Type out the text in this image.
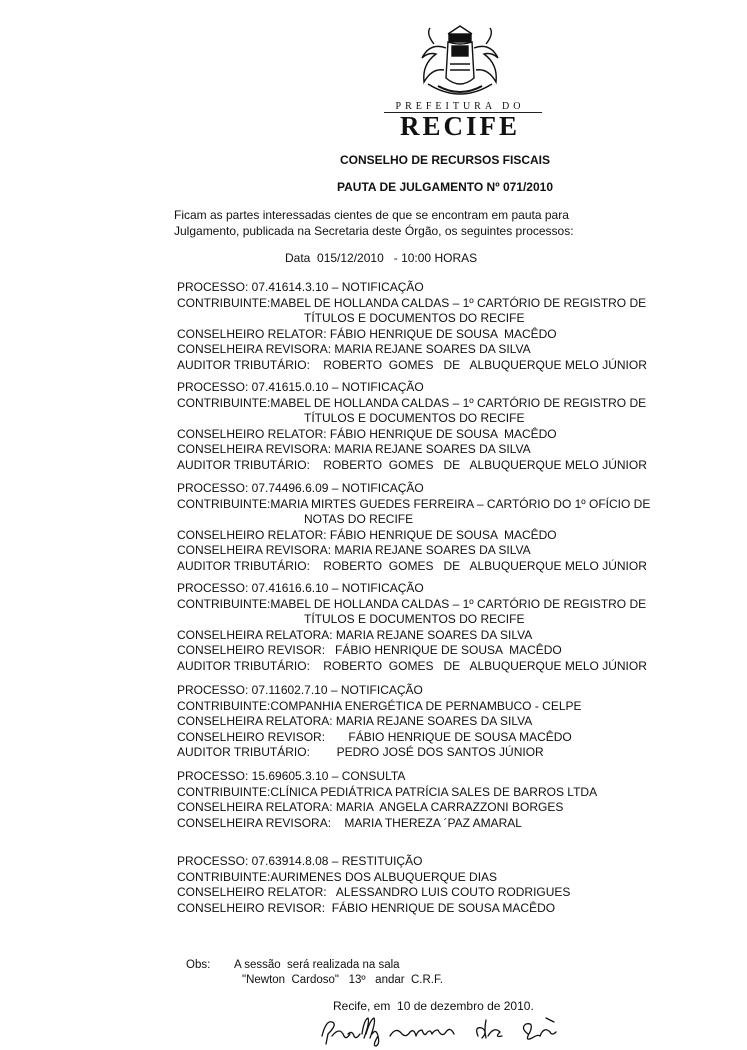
PREFEITURA DO
RECIFE
CONSELHO DE RECURSOS FISCAIS
PAUTA DE JULGAMENTO Nº 071/2010
Ficam as partes interessadas cientes de que se encontram em pauta para
Julgamento, publicada na Secretaria deste Órgão, os seguintes processos:
Data  015/12/2010   - 10:00 HORAS
PROCESSO: 07.41614.3.10 – NOTIFICAÇÃO
CONTRIBUINTE:MABEL DE HOLLANDA CALDAS – 1º CARTÓRIO DE REGISTRO DE
TÍTULOS E DOCUMENTOS DO RECIFE
CONSELHEIRO RELATOR: FÁBIO HENRIQUE DE SOUSA  MACÊDO
CONSELHEIRA REVISORA: MARIA REJANE SOARES DA SILVA
AUDITOR TRIBUTÁRIO:    ROBERTO  GOMES   DE   ALBUQUERQUE MELO JÚNIOR
PROCESSO: 07.41615.0.10 – NOTIFICAÇÃO
CONTRIBUINTE:MABEL DE HOLLANDA CALDAS – 1º CARTÓRIO DE REGISTRO DE
TÍTULOS E DOCUMENTOS DO RECIFE
CONSELHEIRO RELATOR: FÁBIO HENRIQUE DE SOUSA  MACÊDO
CONSELHEIRA REVISORA: MARIA REJANE SOARES DA SILVA
AUDITOR TRIBUTÁRIO:    ROBERTO  GOMES   DE   ALBUQUERQUE MELO JÚNIOR
PROCESSO: 07.74496.6.09 – NOTIFICAÇÃO
CONTRIBUINTE:MARIA MIRTES GUEDES FERREIRA – CARTÓRIO DO 1º OFÍCIO DE
NOTAS DO RECIFE
CONSELHEIRO RELATOR: FÁBIO HENRIQUE DE SOUSA  MACÊDO
CONSELHEIRA REVISORA: MARIA REJANE SOARES DA SILVA
AUDITOR TRIBUTÁRIO:    ROBERTO  GOMES   DE   ALBUQUERQUE MELO JÚNIOR
PROCESSO: 07.41616.6.10 – NOTIFICAÇÃO
CONTRIBUINTE:MABEL DE HOLLANDA CALDAS – 1º CARTÓRIO DE REGISTRO DE
TÍTULOS E DOCUMENTOS DO RECIFE
CONSELHEIRA RELATORA: MARIA REJANE SOARES DA SILVA
CONSELHEIRO REVISOR:   FÁBIO HENRIQUE DE SOUSA  MACÊDO
AUDITOR TRIBUTÁRIO:    ROBERTO  GOMES   DE   ALBUQUERQUE MELO JÚNIOR
PROCESSO: 07.11602.7.10 – NOTIFICAÇÃO
CONTRIBUINTE:COMPANHIA ENERGÉTICA DE PERNAMBUCO - CELPE
CONSELHEIRA RELATORA: MARIA REJANE SOARES DA SILVA
CONSELHEIRO REVISOR:       FÁBIO HENRIQUE DE SOUSA MACÊDO
AUDITOR TRIBUTÁRIO:        PEDRO JOSÉ DOS SANTOS JÚNIOR
PROCESSO: 15.69605.3.10 – CONSULTA
CONTRIBUINTE:CLÍNICA PEDIÁTRICA PATRÍCIA SALES DE BARROS LTDA
CONSELHEIRA RELATORA: MARIA  ANGELA CARRAZZONI BORGES
CONSELHEIRA REVISORA:    MARIA THEREZA ´PAZ AMARAL
PROCESSO: 07.63914.8.08 – RESTITUIÇÃO
CONTRIBUINTE:AURIMENES DOS ALBUQUERQUE DIAS
CONSELHEIRO RELATOR:   ALESSANDRO LUIS COUTO RODRIGUES
CONSELHEIRO REVISOR:  FÁBIO HENRIQUE DE SOUSA MACÊDO
Obs: A sessão  será realizada na sala
"Newton  Cardoso"   13º   andar  C.R.F.
Recife, em  10 de dezembro de 2010.
